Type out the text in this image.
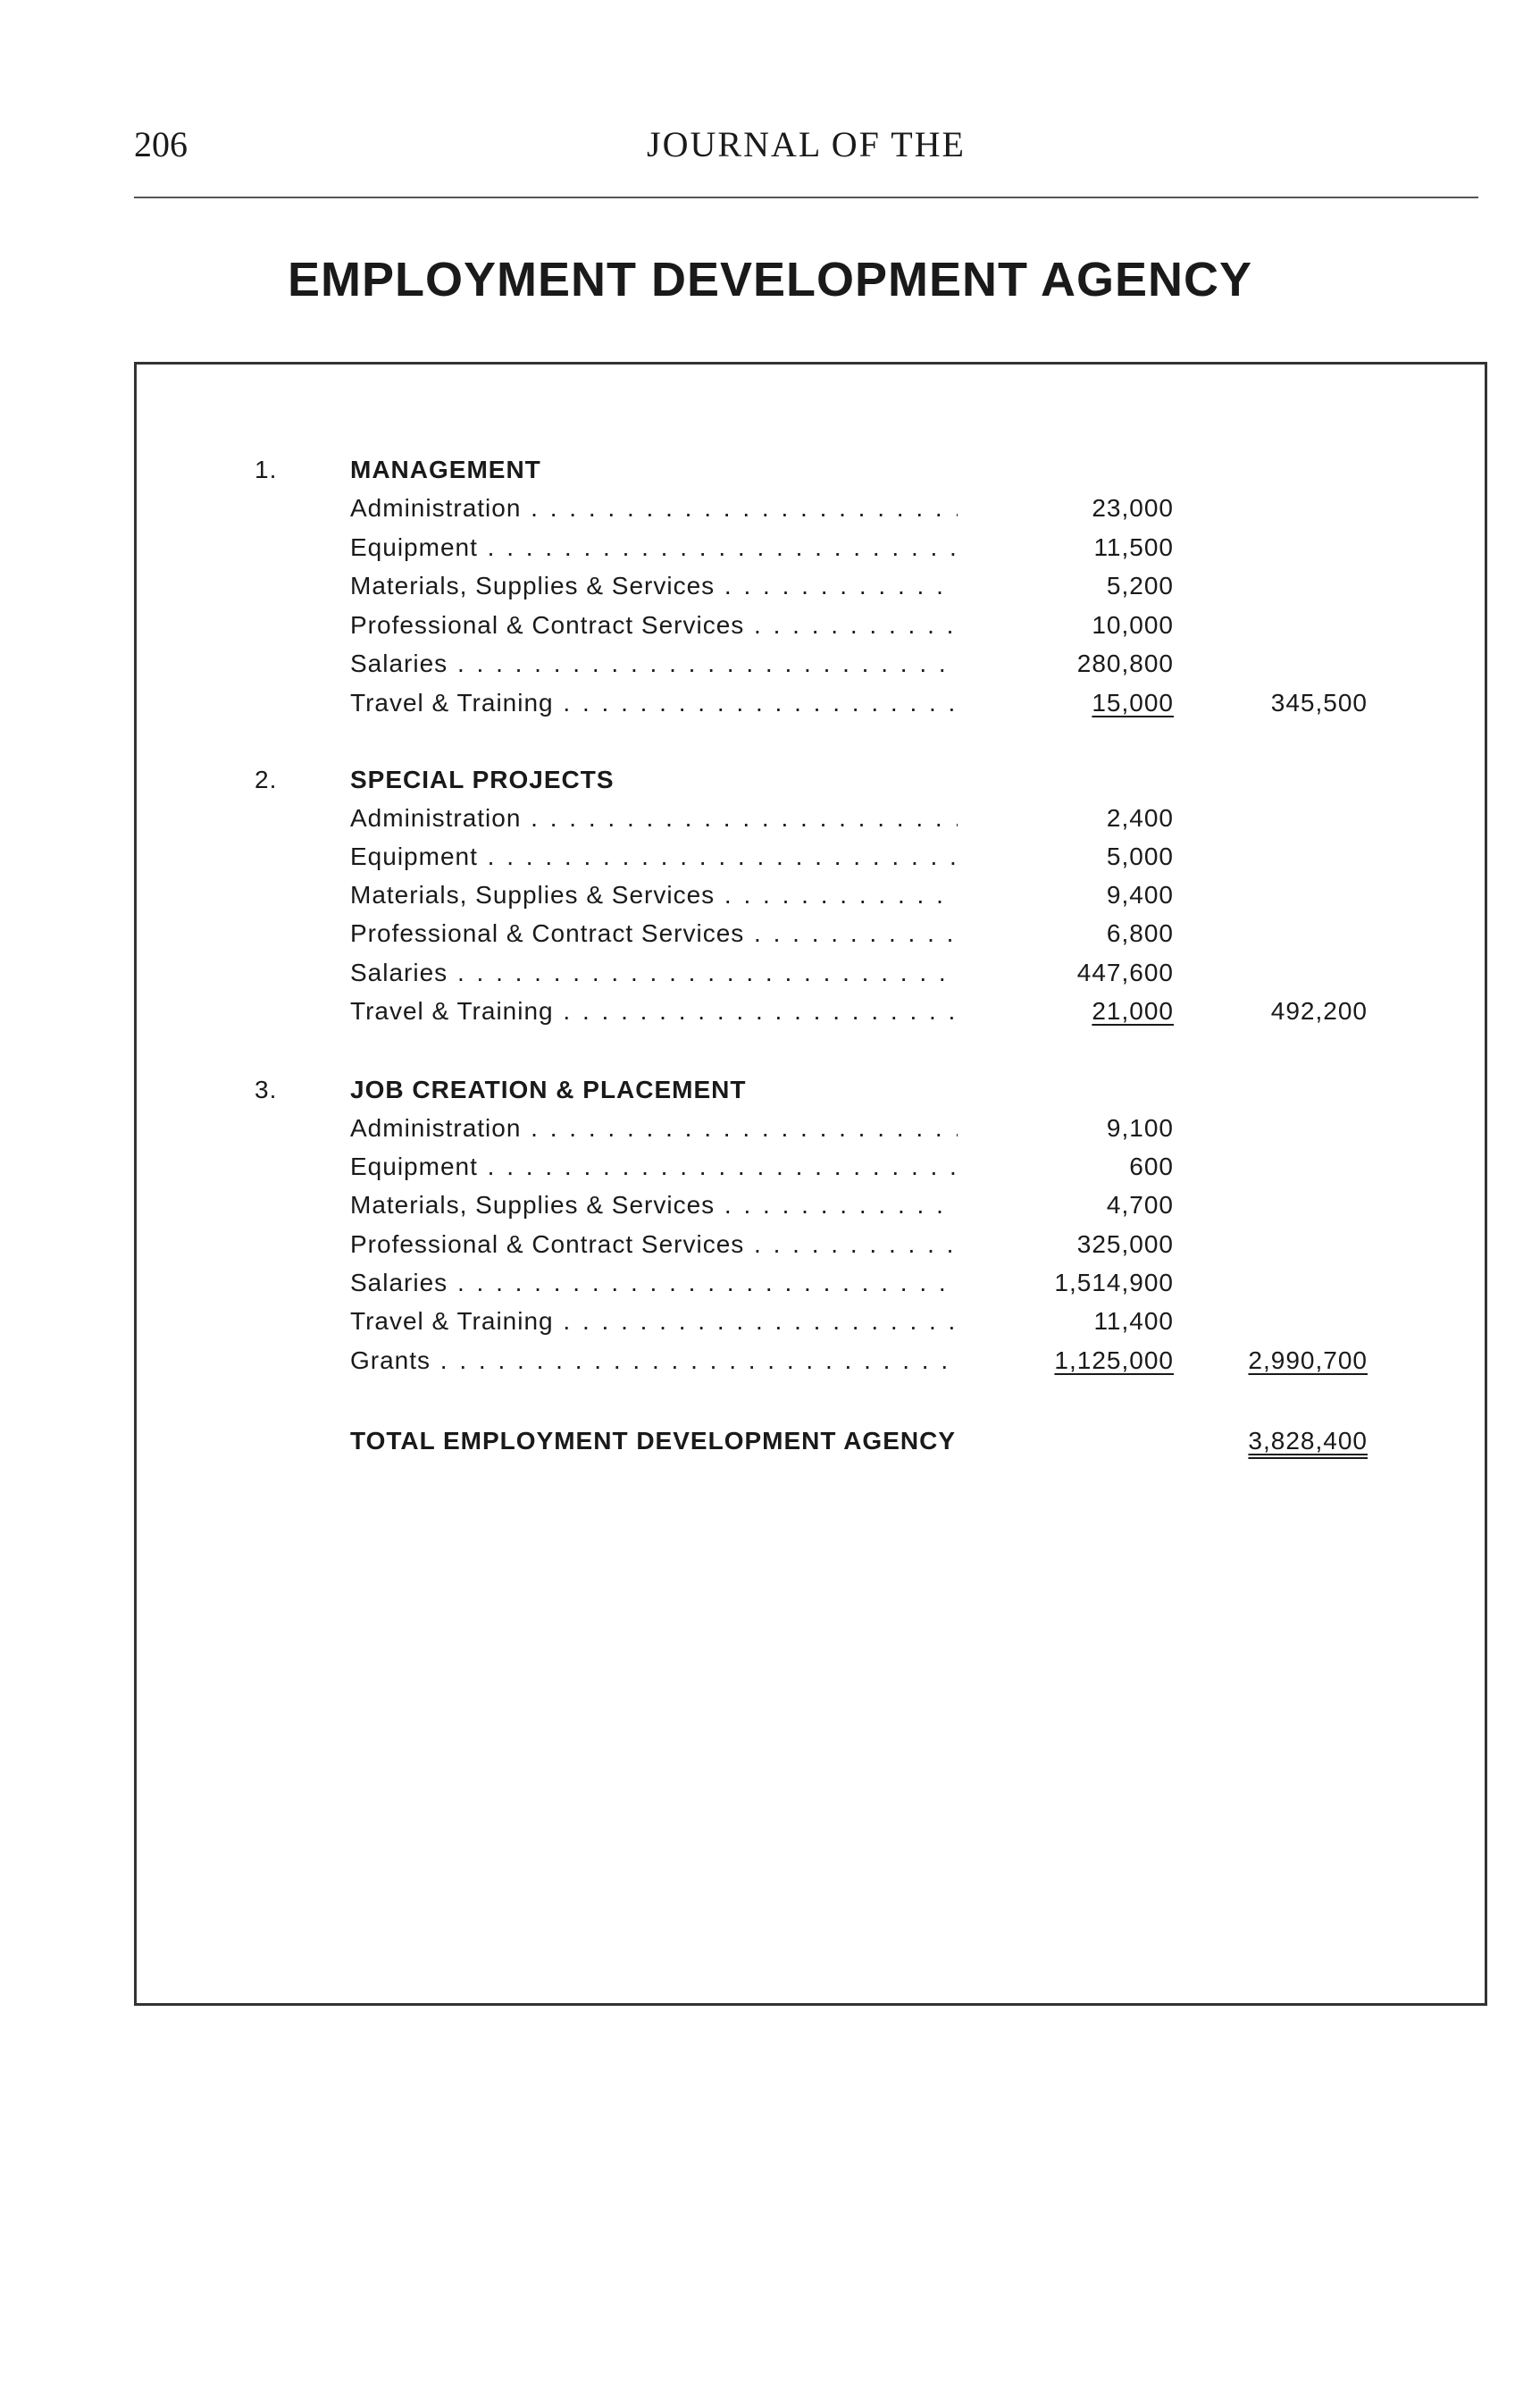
206	JOURNAL OF THE
EMPLOYMENT DEVELOPMENT AGENCY
1.	MANAGEMENT
Administration . . .	23,000
Equipment . . .	11,500
Materials, Supplies & Services . . .	5,200
Professional & Contract Services . . .	10,000
Salaries . . .	280,800
Travel & Training . . .	15,000	345,500
2.	SPECIAL PROJECTS
Administration . . .	2,400
Equipment . . .	5,000
Materials, Supplies & Services . . .	9,400
Professional & Contract Services . . .	6,800
Salaries . . .	447,600
Travel & Training . . .	21,000	492,200
3.	JOB CREATION & PLACEMENT
Administration . . .	9,100
Equipment . . .	600
Materials, Supplies & Services . . .	4,700
Professional & Contract Services . . .	325,000
Salaries . . .	1,514,900
Travel & Training . . .	11,400
Grants . . .	1,125,000	2,990,700
TOTAL EMPLOYMENT DEVELOPMENT AGENCY	3,828,400
